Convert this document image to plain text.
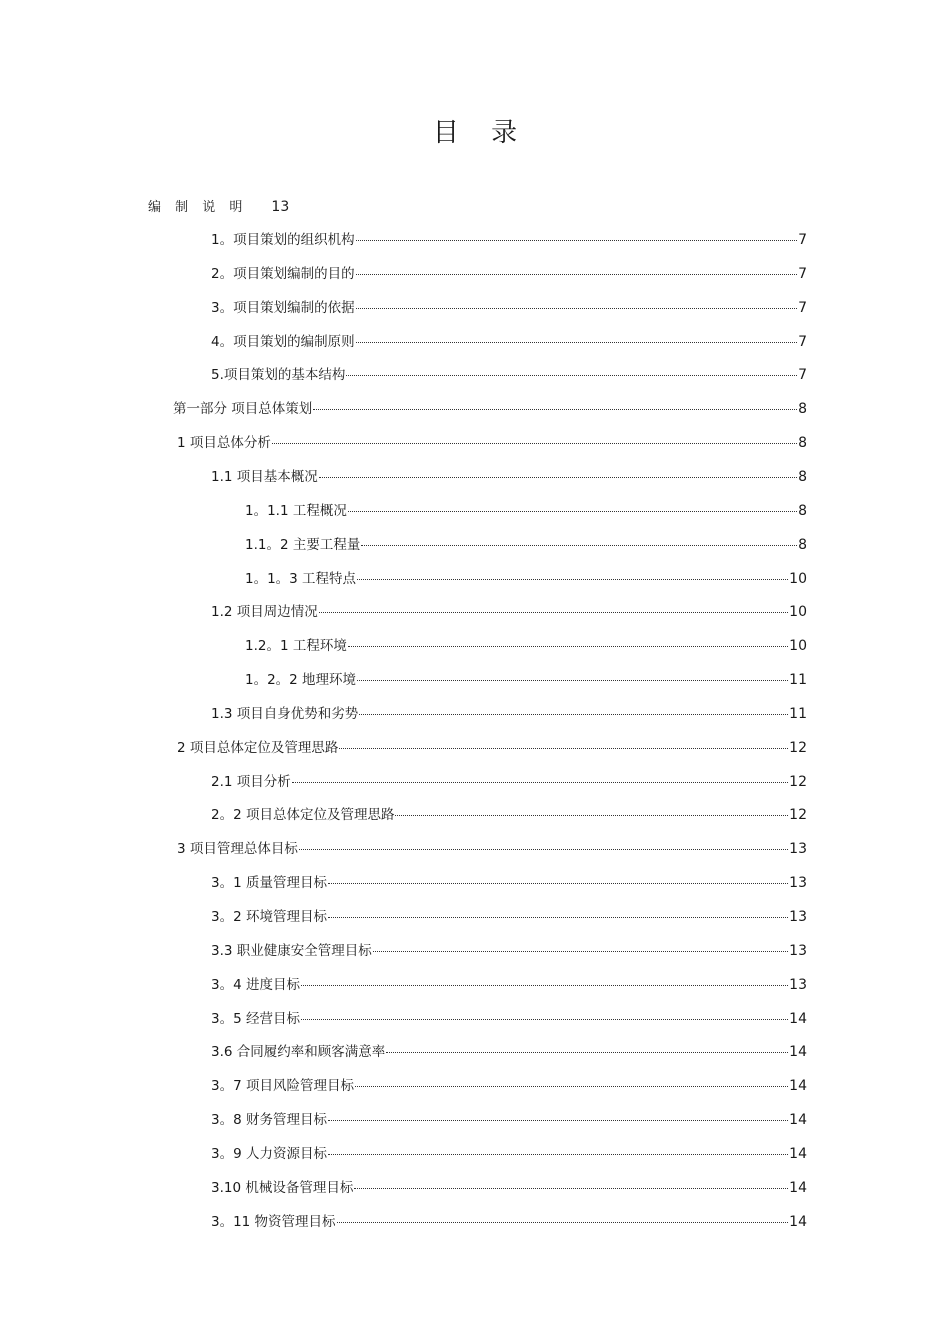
目 录
编 制 说 明 13
1。项目策划的组织机构	7
2。项目策划编制的目的	7
3。项目策划编制的依据	7
4。项目策划的编制原则	7
5.项目策划的基本结构	7
第一部分 项目总体策划	8
1 项目总体分析	8
1.1 项目基本概况	8
1。1.1 工程概况	8
1.1。2 主要工程量	8
1。1。3 工程特点	10
1.2 项目周边情况	10
1.2。1 工程环境	10
1。2。2 地理环境	11
1.3 项目自身优势和劣势	11
2 项目总体定位及管理思路	12
2.1 项目分析	12
2。2 项目总体定位及管理思路	12
3 项目管理总体目标	13
3。1 质量管理目标	13
3。2 环境管理目标	13
3.3 职业健康安全管理目标	13
3。4 进度目标	13
3。5 经营目标	14
3.6 合同履约率和顾客满意率	14
3。7 项目风险管理目标	14
3。8 财务管理目标	14
3。9 人力资源目标	14
3.10 机械设备管理目标	14
3。11 物资管理目标	14
